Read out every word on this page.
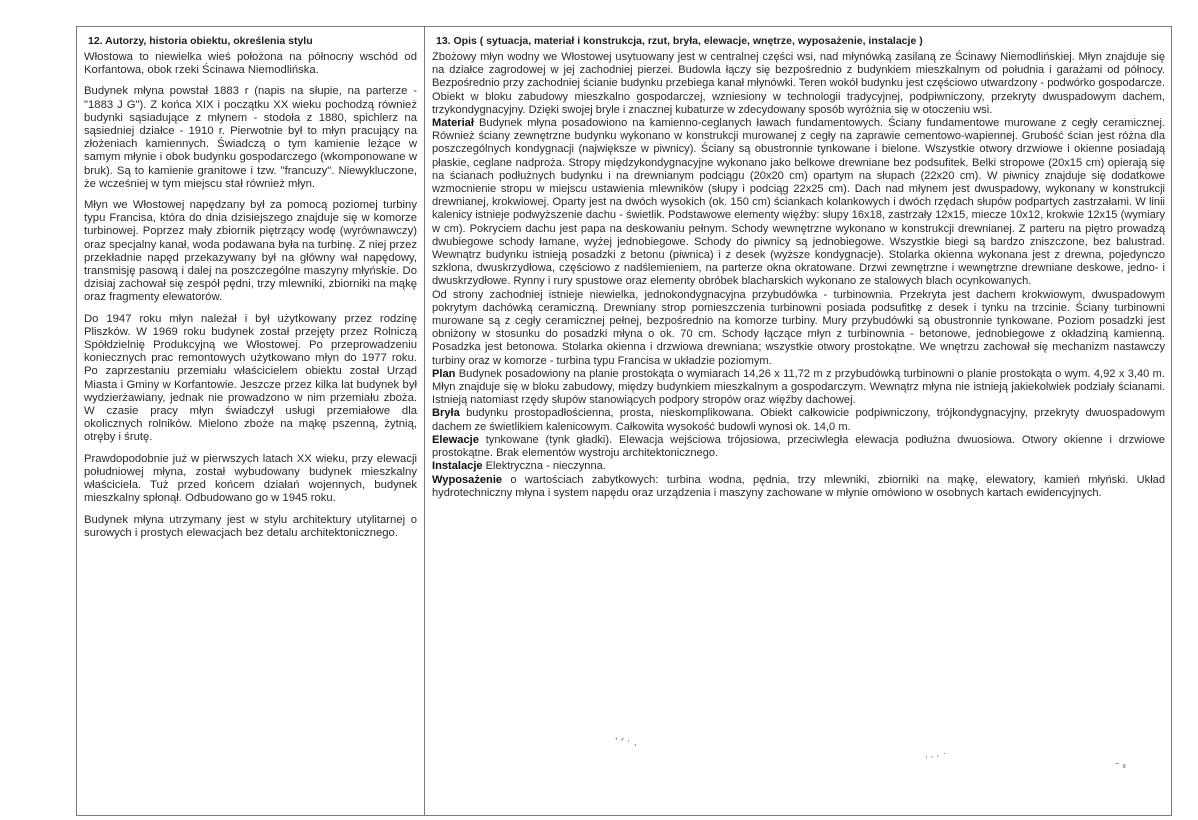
12. Autorzy, historia obiektu, określenia stylu

Włostowa to niewielka wieś położona na północny wschód od Korfantowa, obok rzeki Ścinawa Niemodlińska.

Budynek młyna powstał 1883 r (napis na słupie, na parterze - "1883 J G"). Z końca XIX i początku XX wieku pochodzą również budynki sąsiadujące z młynem - stodoła z 1880, spichlerz na sąsiedniej działce - 1910 r. Pierwotnie był to młyn pracujący na złożeniach kamiennych. Świadczą o tym kamienie leżące w samym młynie i obok budynku gospodarczego (wkomponowane w bruk). Są to kamienie granitowe i tzw. "francuzy". Niewykluczone, że wcześniej w tym miejscu stał również młyn.

Młyn we Włostowej napędzany był za pomocą poziomej turbiny typu Francisa, która do dnia dzisiejszego znajduje się w komorze turbinowej. Poprzez mały zbiornik piętrzący wodę (wyrównawczy) oraz specjalny kanał, woda podawana była na turbinę. Z niej przez przekładnie napęd przekazywany był na główny wał napędowy, transmisję pasową i dalej na poszczególne maszyny młyńskie. Do dzisiaj zachował się zespół pędni, trzy mlewniki, zbiorniki na mąkę oraz fragmenty elewatorów.

Do 1947 roku młyn należał i był użytkowany przez rodzinę Pliszków. W 1969 roku budynek został przejęty przez Rolniczą Spółdzielnię Produkcyjną we Włostowej. Po przeprowadzeniu koniecznych prac remontowych użytkowano młyn do 1977 roku. Po zaprzestaniu przemiału właścicielem obiektu został Urząd Miasta i Gminy w Korfantowie. Jeszcze przez kilka lat budynek był wydzierżawiany, jednak nie prowadzono w nim przemiału zboża. W czasie pracy młyn świadczył usługi przemiałowe dla okolicznych rolników. Mielono zboże na mąkę pszenną, żytnią, otręby i śrutę.

Prawdopodobnie już w pierwszych latach XX wieku, przy elewacji południowej młyna, został wybudowany budynek mieszkalny właściciela. Tuż przed końcem działań wojennych, budynek mieszkalny spłonął. Odbudowano go w 1945 roku.

Budynek młyna utrzymany jest w stylu architektury utylitarnej o surowych i prostych elewacjach bez detalu architektonicznego.

13. Opis ( sytuacja, materiał i konstrukcja, rzut, bryła, elewacje, wnętrze, wyposażenie, instalacje )

Zbożowy młyn wodny we Włostowej usytuowany jest w centralnej części wsi, nad młynówką zasilaną ze Ścinawy Niemodlińskiej. Młyn znajduje się na działce zagrodowej w jej zachodniej pierzei. Budowla łączy się bezpośrednio z budynkiem mieszkalnym od południa i garażami od północy. Bezpośrednio przy zachodniej ścianie budynku przebiega kanał młynówki. Teren wokół budynku jest częściowo utwardzony - podwórko gospodarcze.

Obiekt w bloku zabudowy mieszkalno gospodarczej, wzniesiony w technologii tradycyjnej, podpiwniczony, przekryty dwuspadowym dachem, trzykondygnacyjny. Dzięki swojej bryle i znacznej kubaturze w zdecydowany sposób wyróżnia się w otoczeniu wsi.

Materiał Budynek młyna posadowiono na kamienno-ceglanych ławach fundamentowych. Ściany fundamentowe murowane z cegły ceramicznej. Również ściany zewnętrzne budynku wykonano w konstrukcji murowanej z cegły na zaprawie cementowo-wapiennej. Grubość ścian jest różna dla poszczególnych kondygnacji (największe w piwnicy). Ściany są obustronnie tynkowane i bielone. Wszystkie otwory drzwiowe i okienne posiadają płaskie, ceglane nadproża. Stropy międzykondygnacyjne wykonano jako belkowe drewniane bez podsufitek. Belki stropowe (20x15 cm) opierają się na ścianach podłużnych budynku i na drewnianym podciągu (20x20 cm) opartym na słupach (22x20 cm). W piwnicy znajduje się dodatkowe wzmocnienie stropu w miejscu ustawienia mlewników (słupy i podciąg 22x25 cm). Dach nad młynem jest dwuspadowy, wykonany w konstrukcji drewnianej, krokwiowej. Oparty jest na dwóch wysokich (ok. 150 cm) ściankach kolankowych i dwóch rzędach słupów podpartych zastrzałami. W linii kalenicy istnieje podwyższenie dachu - świetlik. Podstawowe elementy więźby: słupy 16x18, zastrzały 12x15, miecze 10x12, krokwie 12x15 (wymiary w cm). Pokryciem dachu jest papa na deskowaniu pełnym. Schody wewnętrzne wykonano w konstrukcji drewnianej. Z parteru na piętro prowadzą dwubiegowe schody łamane, wyżej jednobiegowe. Schody do piwnicy są jednobiegowe. Wszystkie biegi są bardzo zniszczone, bez balustrad. Wewnątrz budynku istnieją posadzki z betonu (piwnica) i z desek (wyższe kondygnacje). Stolarka okienna wykonana jest z drewna, pojedynczo szklona, dwuskrzydłowa, częściowo z nadślemieniem, na parterze okna okratowane. Drzwi zewnętrzne i wewnętrzne drewniane deskowe, jedno- i dwuskrzydłowe. Rynny i rury spustowe oraz elementy obróbek blacharskich wykonano ze stalowych blach ocynkowanych.

Od strony zachodniej istnieje niewielka, jednokondygnacyjna przybudówka - turbinownia. Przekryta jest dachem krokwiowym, dwuspadowym pokrytym dachówką ceramiczną. Drewniany strop pomieszczenia turbinowni posiada podsufitkę z desek i tynku na trzcinie. Ściany turbinowni murowane są z cegły ceramicznej pełnej, bezpośrednio na komorze turbiny. Mury przybudówki są obustronnie tynkowane. Poziom posadzki jest obniżony w stosunku do posadzki młyna o ok. 70 cm. Schody łączące młyn z turbinownia - betonowe, jednobiegowe z okładziną kamienną. Posadzka jest betonowa. Stolarka okienna i drzwiowa drewniana; wszystkie otwory prostokątne. We wnętrzu zachował się mechanizm nastawczy turbiny oraz w komorze - turbina typu Francisa w układzie poziomym.

Plan Budynek posadowiony na planie prostokąta o wymiarach 14,26 x 11,72 m z przybudówką turbinowni o planie prostokąta o wym. 4,92 x 3,40 m. Młyn znajduje się w bloku zabudowy, między budynkiem mieszkalnym a gospodarczym. Wewnątrz młyna nie istnieją jakiekolwiek podziały ścianami. Istnieją natomiast rzędy słupów stanowiących podpory stropów oraz więźby dachowej.

Bryła budynku prostopadłościenna, prosta, nieskomplikowana. Obiekt całkowicie podpiwniczony, trójkondygnacyjny, przekryty dwuospadowym dachem ze świetlikiem kalenicowym. Całkowita wysokość budowli wynosi ok. 14,0 m.

Elewacje tynkowane (tynk gładki). Elewacja wejściowa trójosiowa, przeciwległa elewacja podłużna dwuosiowa. Otwory okienne i drzwiowe prostokątne. Brak elementów wystroju architektonicznego.

Instalacje Elektryczna - nieczynna.

Wyposażenie o wartościach zabytkowych: turbina wodna, pędnia, trzy mlewniki, zbiorniki na mąkę, elewatory, kamień młyński. Układ hydrotechniczny młyna i system napędu oraz urządzenia i maszyny zachowane w młynie omówiono w osobnych kartach ewidencyjnych.

' ᐟ · ˏ
· · ˑ ˙
˜ ˠ
